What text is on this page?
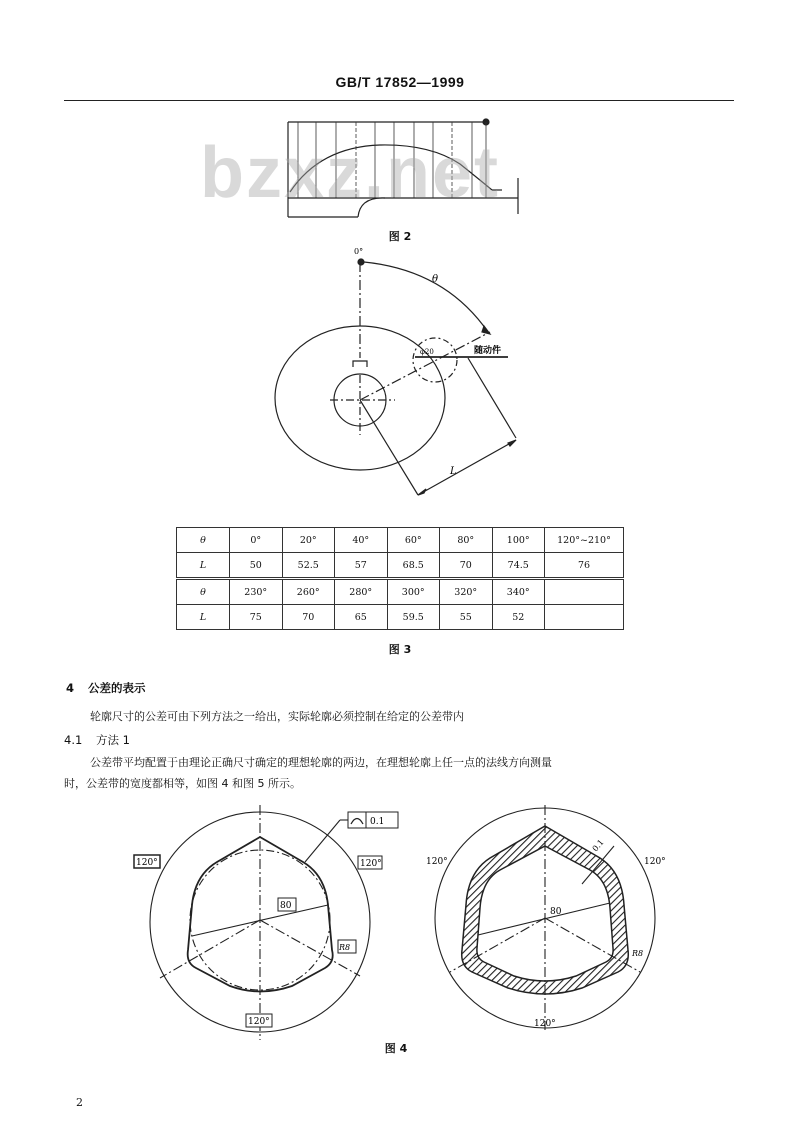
GB/T 17852—1999
bzxz.net
图 2
0°
θ
φ20	随动件
L
θ	0°	20°	40°	60°	80°	100°	120°~210°
L	50	52.5	57	68.5	70	74.5	76
θ	230°	260°	280°	300°	320°	340°	
L	75	70	65	59.5	55	52	
图 3
4 公差的表示
轮廓尺寸的公差可由下列方法之一给出，实际轮廓必须控制在给定的公差带内
4.1 方法 1
公差带平均配置于由理论正确尺寸确定的理想轮廓的两边，在理想轮廓上任一点的法线方向测量
时，公差带的宽度都相等，如图 4 和图 5 所示。
0.1
120°	120°
120°
80
R8
120°	120°
120°
80
R8
0.1
图 4
2
